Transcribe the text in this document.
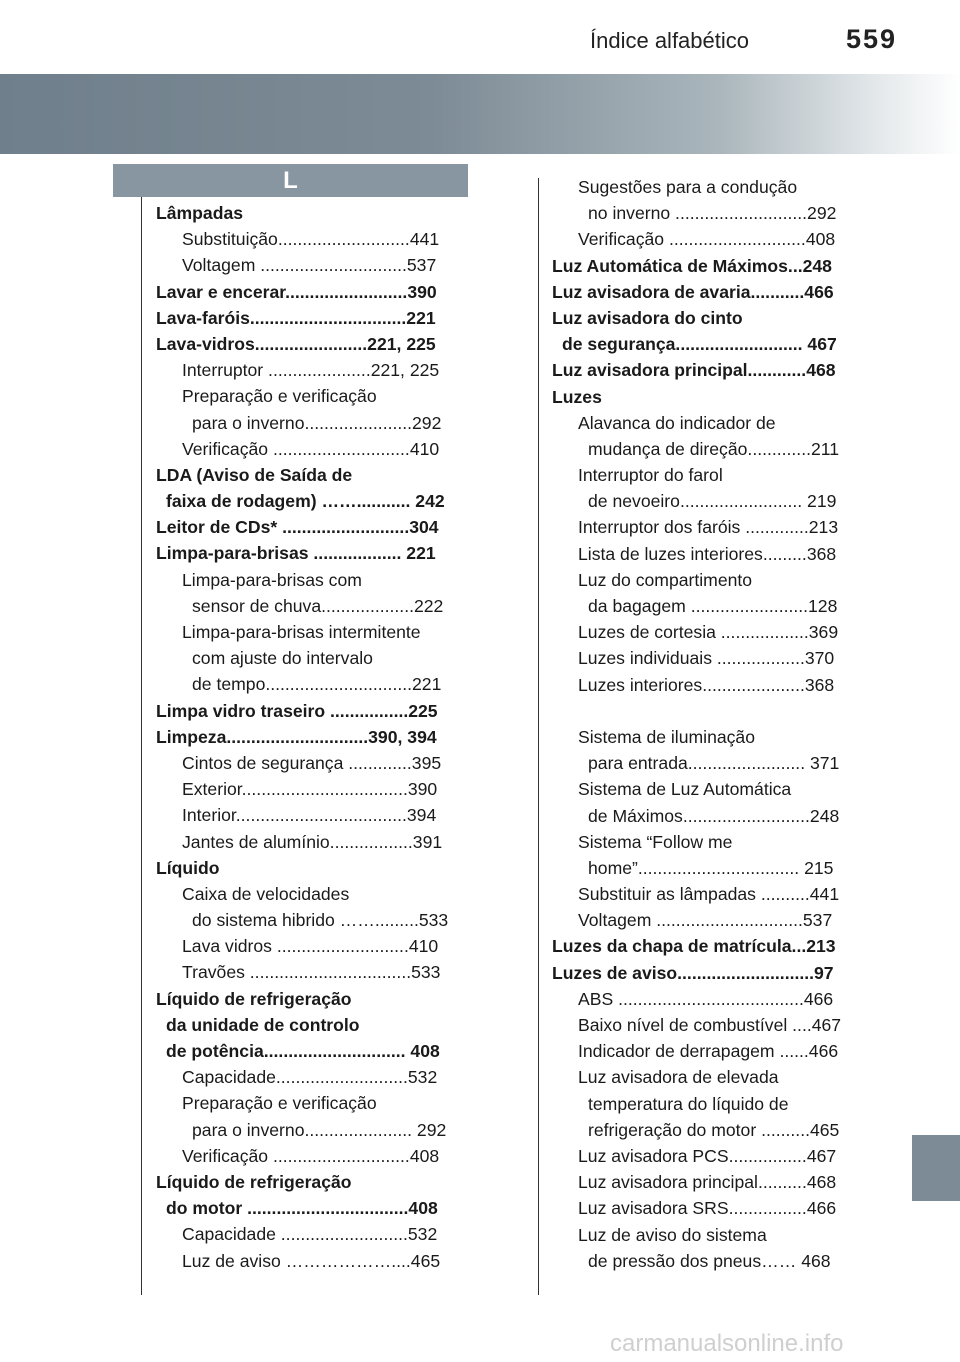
Índice alfabético	559
L
Lâmpadas
Substituição...........................441
Voltagem ..............................537
Lavar e encerar.........................390
Lava-faróis................................221
Lava-vidros.......................221, 225
Interruptor .....................221, 225
Preparação e verificação
para o inverno......................292
Verificação ............................410
LDA (Aviso de Saída de
faixa de rodagem) ……........... 242
Leitor de CDs* ..........................304
Limpa-para-brisas .................. 221
Limpa-para-brisas com
sensor de chuva...................222
Limpa-para-brisas intermitente
com ajuste do intervalo
de tempo..............................221
Limpa vidro traseiro ................225
Limpeza.............................390, 394
Cintos de segurança .............395
Exterior..................................390
Interior...................................394
Jantes de alumínio.................391
Líquido
Caixa de velocidades
do sistema hibrido …….........533
Lava vidros ...........................410
Travões .................................533
Líquido de refrigeração
da unidade de controlo
de potência............................. 408
Capacidade...........................532
Preparação e verificação
para o inverno...................... 292
Verificação ............................408
Líquido de refrigeração
do motor .................................408
Capacidade ..........................532
Luz de aviso ………………....465
Sugestões para a condução
no inverno ...........................292
Verificação ............................408
Luz Automática de Máximos...248
Luz avisadora de avaria...........466
Luz avisadora do cinto
de segurança.......................... 467
Luz avisadora principal............468
Luzes
Alavanca do indicador de
mudança de direção.............211
Interruptor do farol
de nevoeiro......................... 219
Interruptor dos faróis .............213
Lista de luzes interiores.........368
Luz do compartimento
da bagagem ........................128
Luzes de cortesia ..................369
Luzes individuais ..................370
Luzes interiores.....................368
Sistema de iluminação
para entrada........................ 371
Sistema de Luz Automática
de Máximos..........................248
Sistema “Follow me
home”................................. 215
Substituir as lâmpadas ..........441
Voltagem ..............................537
Luzes da chapa de matrícula...213
Luzes de aviso............................97
ABS ......................................466
Baixo nível de combustível ....467
Indicador de derrapagem ......466
Luz avisadora de elevada
temperatura do líquido de
refrigeração do motor ..........465
Luz avisadora PCS................467
Luz avisadora principal..........468
Luz avisadora SRS................466
Luz de aviso do sistema
de pressão dos pneus…… 468
carmanualsonline.info
